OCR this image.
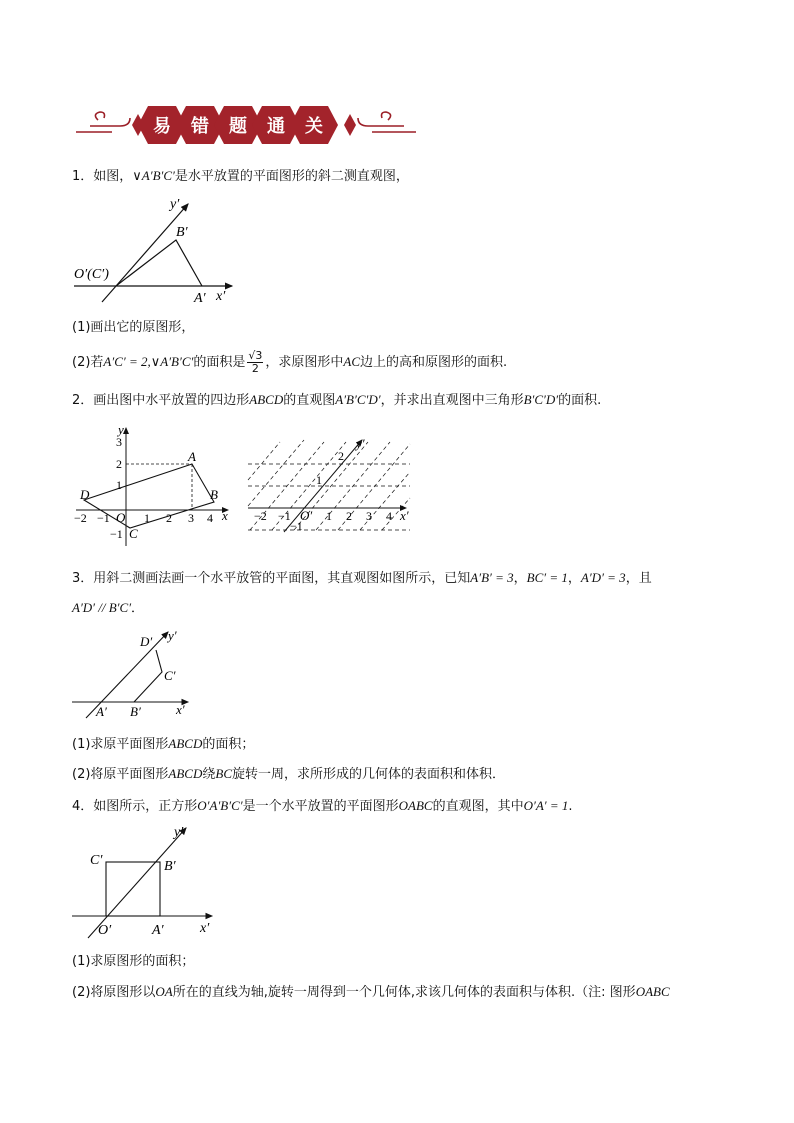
易 错 题 通 关
1．如图，∨A′B′C′是水平放置的平面图形的斜二测直观图，
y′
x′
O′(C′)
A′
B′
(1)画出它的原图形，
(2)若A′C′ = 2,∨A′B′C′的面积是 $\frac{√3}{2}$ ，求原图形中AC边上的高和原图形的面积.
2．画出图中水平放置的四边形ABCD的直观图A′B′C′D′，并求出直观图中三角形B′C′D′的面积.
3
2
1
−1
−2 −1	1 2 3 4
y
x
O
A
B
C
D
2
1
−1
−2 −1	1 2 3 4
y′
x′
O′
3．用斜二测画法画一个水平放管的平面图，其直观图如图所示，已知A′B′ = 3，BC′ = 1，A′D′ = 3，且
A′D′ // B′C′．
y′
x′
A′ B′
C′
D′
(1)求原平面图形ABCD的面积；
(2)将原平面图形ABCD绕BC旋转一周，求所形成的几何体的表面积和体积．
4．如图所示，正方形O′A′B′C′是一个水平放置的平面图形OABC的直观图，其中O′A′ = 1.
y′
x′
O′	A′
B′
C′
(1)求原图形的面积；
(2)将原图形以OA所在的直线为轴,旋转一周得到一个几何体,求该几何体的表面积与体积.（注: 图形OABC
